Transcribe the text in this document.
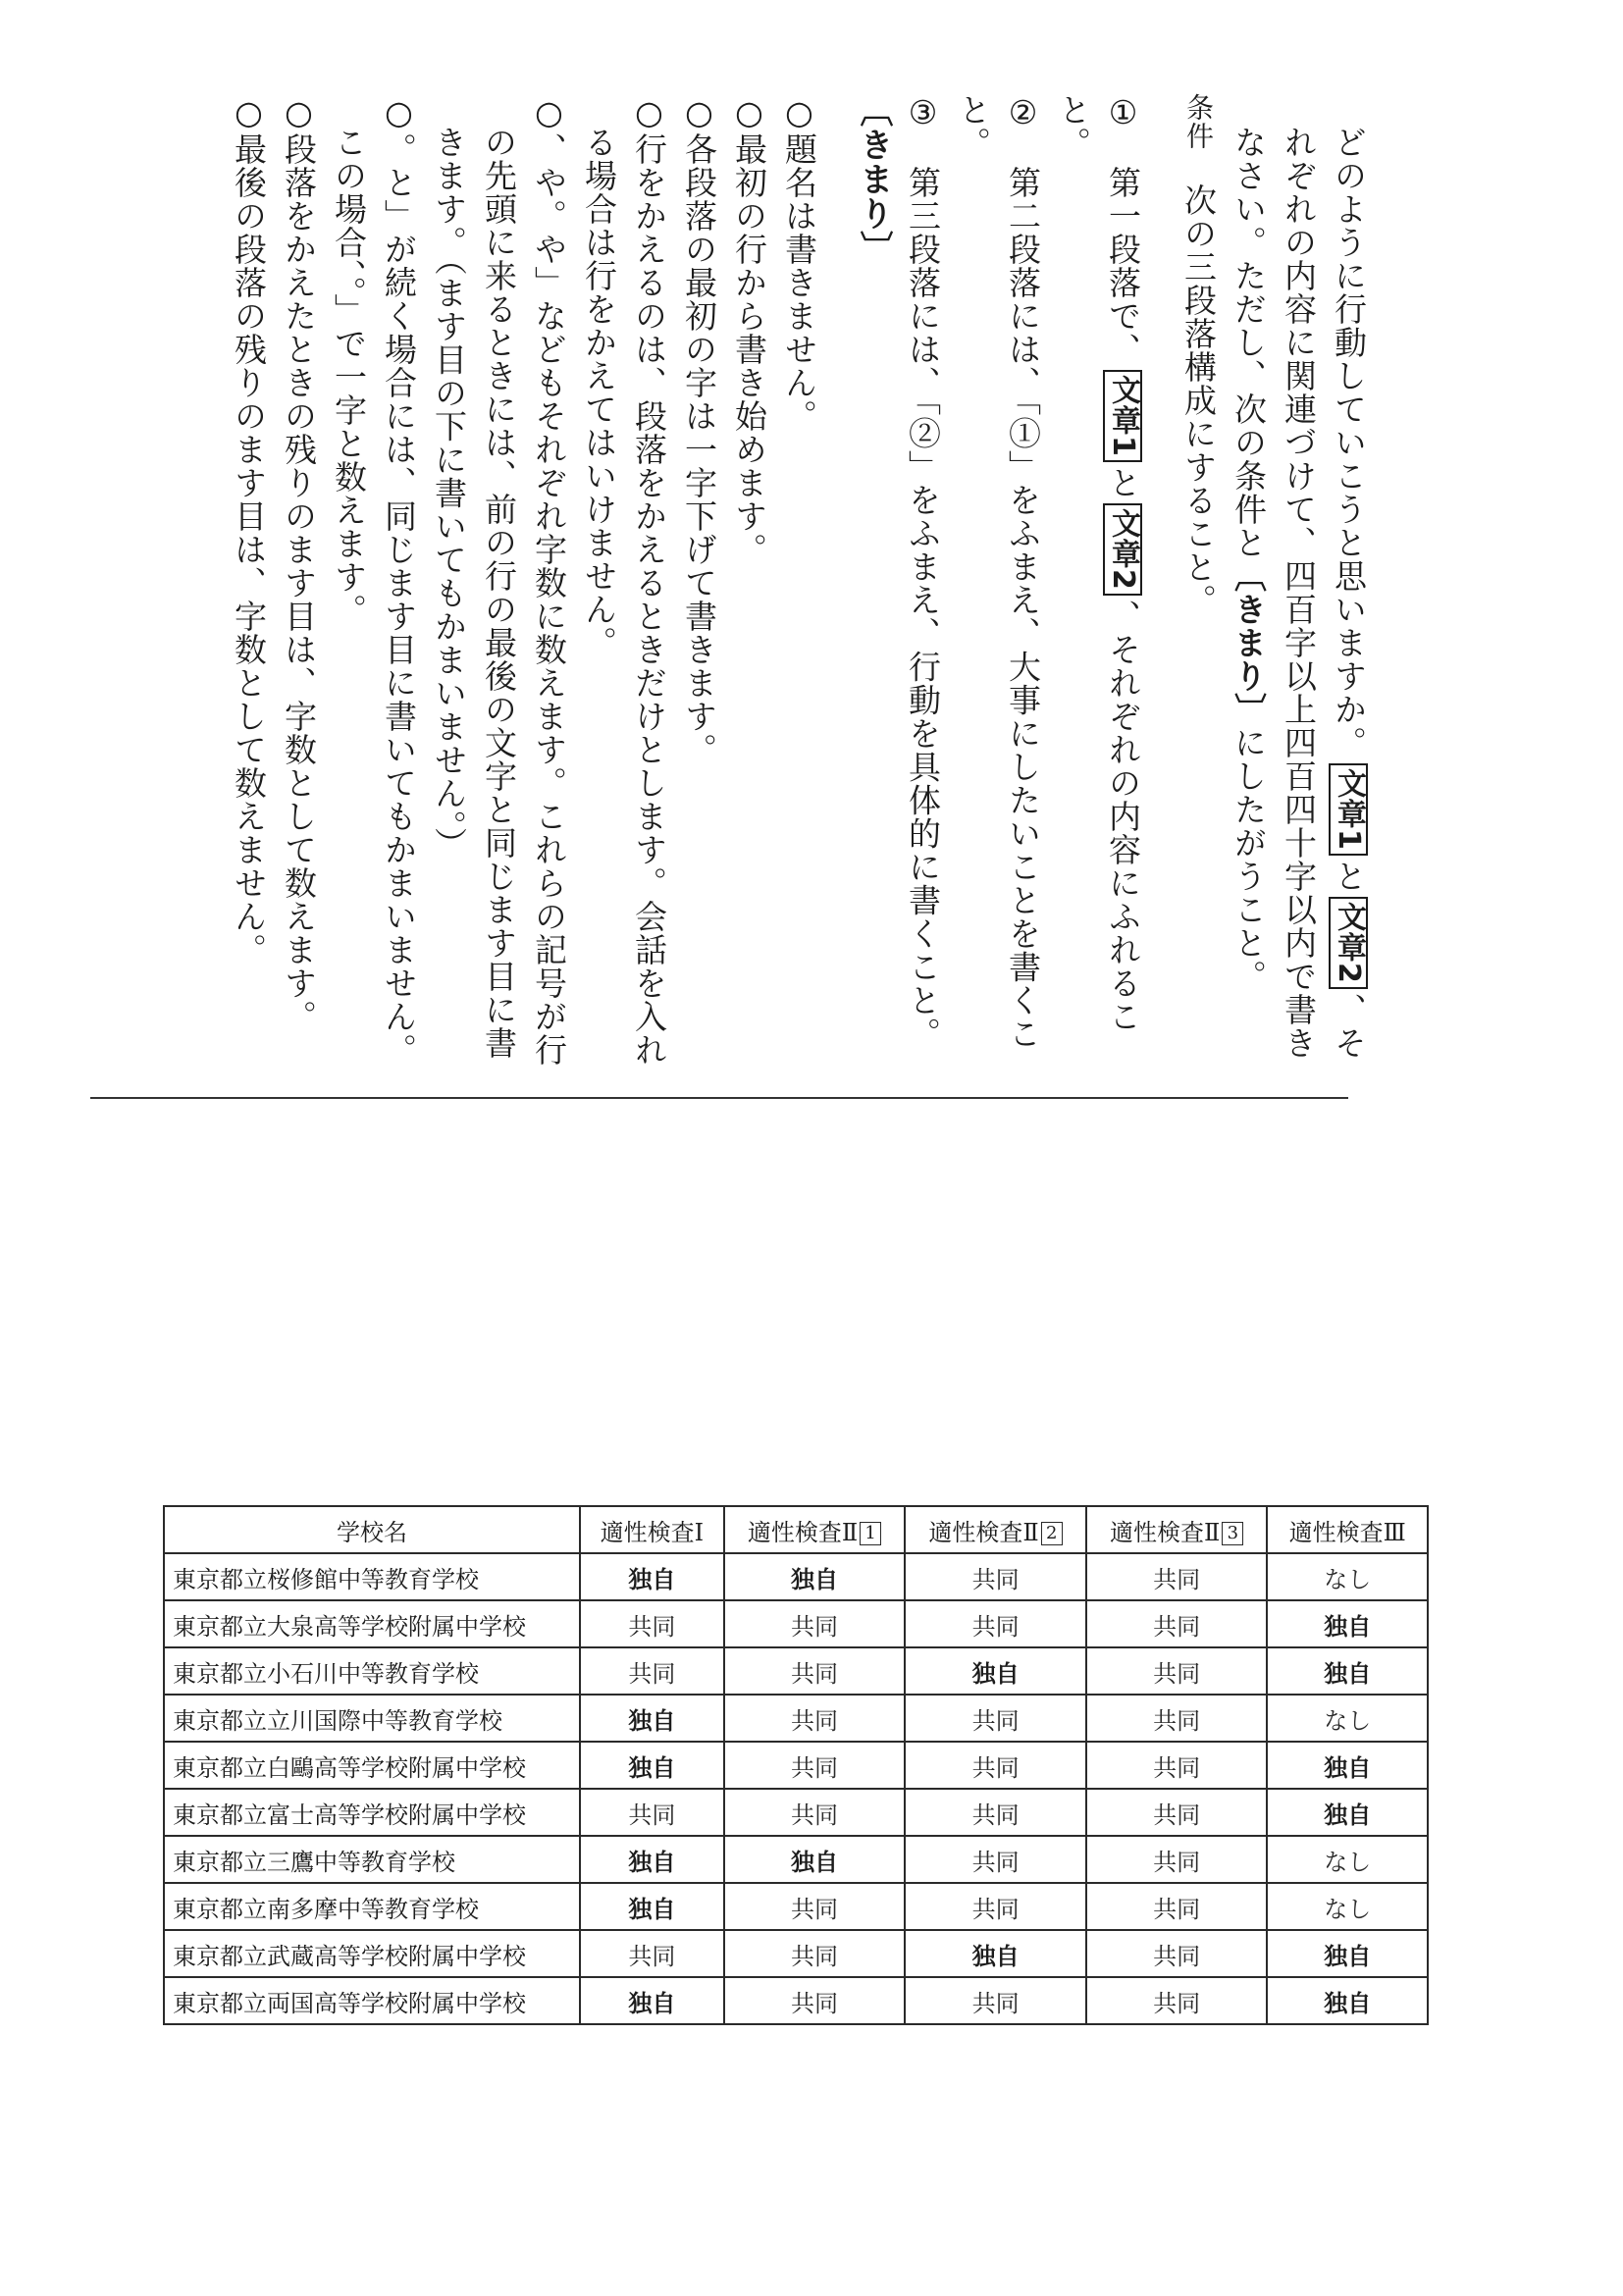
どのように行動していこうと思いますか。文章1と文章2、それぞれの内容に関連づけて、四百字以上四百四十字以内で書きなさい。ただし、次の条件と〔きまり〕にしたがうこと。

条件　次の三段落構成にすること。

①　第一段落で、文章1と文章2、それぞれの内容にふれること。

②　第二段落には、「①」をふまえ、大事にしたいことを書くこと。

③　第三段落には、「②」をふまえ、行動を具体的に書くこと。

〔きまり〕

○題名は書きません。

○最初の行から書き始めます。

○各段落の最初の字は一字下げて書きます。

○行をかえるのは、段落をかえるときだけとします。会話を入れる場合は行をかえてはいけません。

○、や。や」などもそれぞれ字数に数えます。これらの記号が行の先頭に来るときには、前の行の最後の文字と同じます目に書きます。（ます目の下に書いてもかまいません。）

○。と」が続く場合には、同じます目に書いてもかまいません。この場合、。」で一字と数えます。

○段落をかえたときの残りのます目は、字数として数えます。

○最後の段落の残りのます目は、字数として数えません。

学校名	適性検査Ⅰ	適性検査Ⅱ 1	適性検査Ⅱ 2	適性検査Ⅱ 3	適性検査Ⅲ
東京都立桜修館中等教育学校	独自	独自	共同	共同	なし
東京都立大泉高等学校附属中学校	共同	共同	共同	共同	独自
東京都立小石川中等教育学校	共同	共同	独自	共同	独自
東京都立立川国際中等教育学校	独自	共同	共同	共同	なし
東京都立白鷗高等学校附属中学校	独自	共同	共同	共同	独自
東京都立富士高等学校附属中学校	共同	共同	共同	共同	独自
東京都立三鷹中等教育学校	独自	独自	共同	共同	なし
東京都立南多摩中等教育学校	独自	共同	共同	共同	なし
東京都立武蔵高等学校附属中学校	共同	共同	独自	共同	独自
東京都立両国高等学校附属中学校	独自	共同	共同	共同	独自
